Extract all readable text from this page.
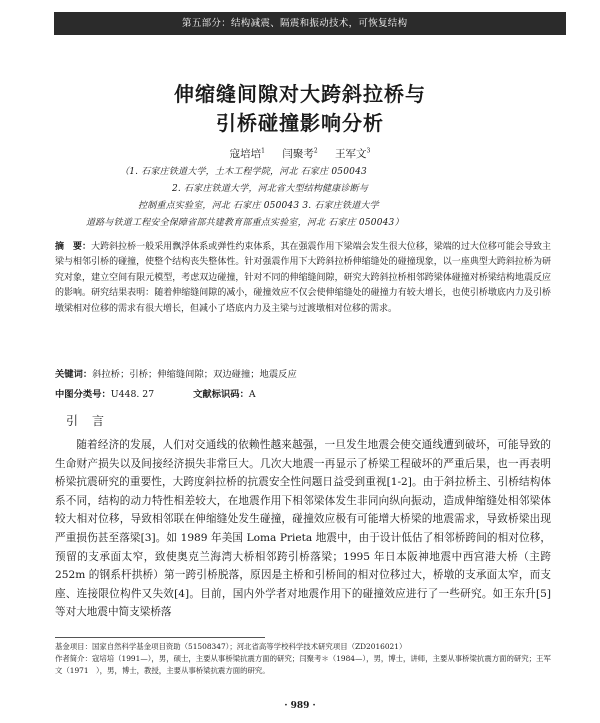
第五部分：结构减震、隔震和振动技术，可恢复结构
伸缩缝间隙对大跨斜拉桥与
引桥碰撞影响分析
寇培培$^1$ 闫聚考$^2$ 王军文$^3$
（1. 石家庄铁道大学，土木工程学院，河北 石家庄 050043
2. 石家庄铁道大学，河北省大型结构健康诊断与
控制重点实验室，河北 石家庄 050043 3. 石家庄铁道大学
道路与铁道工程安全保障省部共建教育部重点实验室，河北 石家庄 050043）
摘　要：大跨斜拉桥一般采用飘浮体系或弹性约束体系，其在强震作用下梁端会发生很大位移，梁端的过大位移可能会导致主梁与相邻引桥的碰撞，使整个结构丧失整体性。针对强震作用下大跨斜拉桥伸缩缝处的碰撞现象，以一座典型大跨斜拉桥为研究对象，建立空间有限元模型，考虑双边碰撞，针对不同的伸缩缝间隙，研究大跨斜拉桥相邻跨梁体碰撞对桥梁结构地震反应的影响。研究结果表明：随着伸缩缝间隙的减小，碰撞效应不仅会使伸缩缝处的碰撞力有较大增长，也使引桥墩底内力及引桥墩梁相对位移的需求有很大增长，但减小了塔底内力及主梁与过渡墩相对位移的需求。
关键词：斜拉桥；引桥；伸缩缝间隙；双边碰撞；地震反应
中图分类号：U448. 27	文献标识码：A
引言
随着经济的发展，人们对交通线的依赖性越来越强，一旦发生地震会使交通线遭到破坏，可能导致的生命财产损失以及间接经济损失非常巨大。几次大地震一再显示了桥梁工程破坏的严重后果，也一再表明桥梁抗震研究的重要性，大跨度斜拉桥的抗震安全性问题日益受到重视[1-2]。由于斜拉桥主、引桥结构体系不同，结构的动力特性相差较大，在地震作用下相邻梁体发生非同向纵向振动，造成伸缩缝处相邻梁体较大相对位移，导致相邻联在伸缩缝处发生碰撞，碰撞效应极有可能增大桥梁的地震需求，导致桥梁出现严重损伤甚至落梁[3]。如 1989 年美国 Loma Prieta 地震中，由于设计低估了相邻桥跨间的相对位移，预留的支承面太窄，致使奥克兰海湾大桥相邻跨引桥落梁；1995 年日本阪神地震中西宫港大桥（主跨 252m 的钢系杆拱桥）第一跨引桥脱落，原因是主桥和引桥间的相对位移过大，桥墩的支承面太窄，而支座、连接限位构件又失效[4]。目前，国内外学者对地震作用下的碰撞效应进行了一些研究。如王东升[5] 等对大地震中简支梁桥落
基金项目：国家自然科学基金项目资助（51508347）；河北省高等学校科学技术研究项目（ZD2016021）
作者简介：寇培培（1991—），男，硕士，主要从事桥梁抗震方面的研究；闫聚考＊（1984—），男，博士，讲师，主要从事桥梁抗震方面的研究；王军文（1971　），男，博士，教授，主要从事桥梁抗震方面的研究。
· 989 ·
